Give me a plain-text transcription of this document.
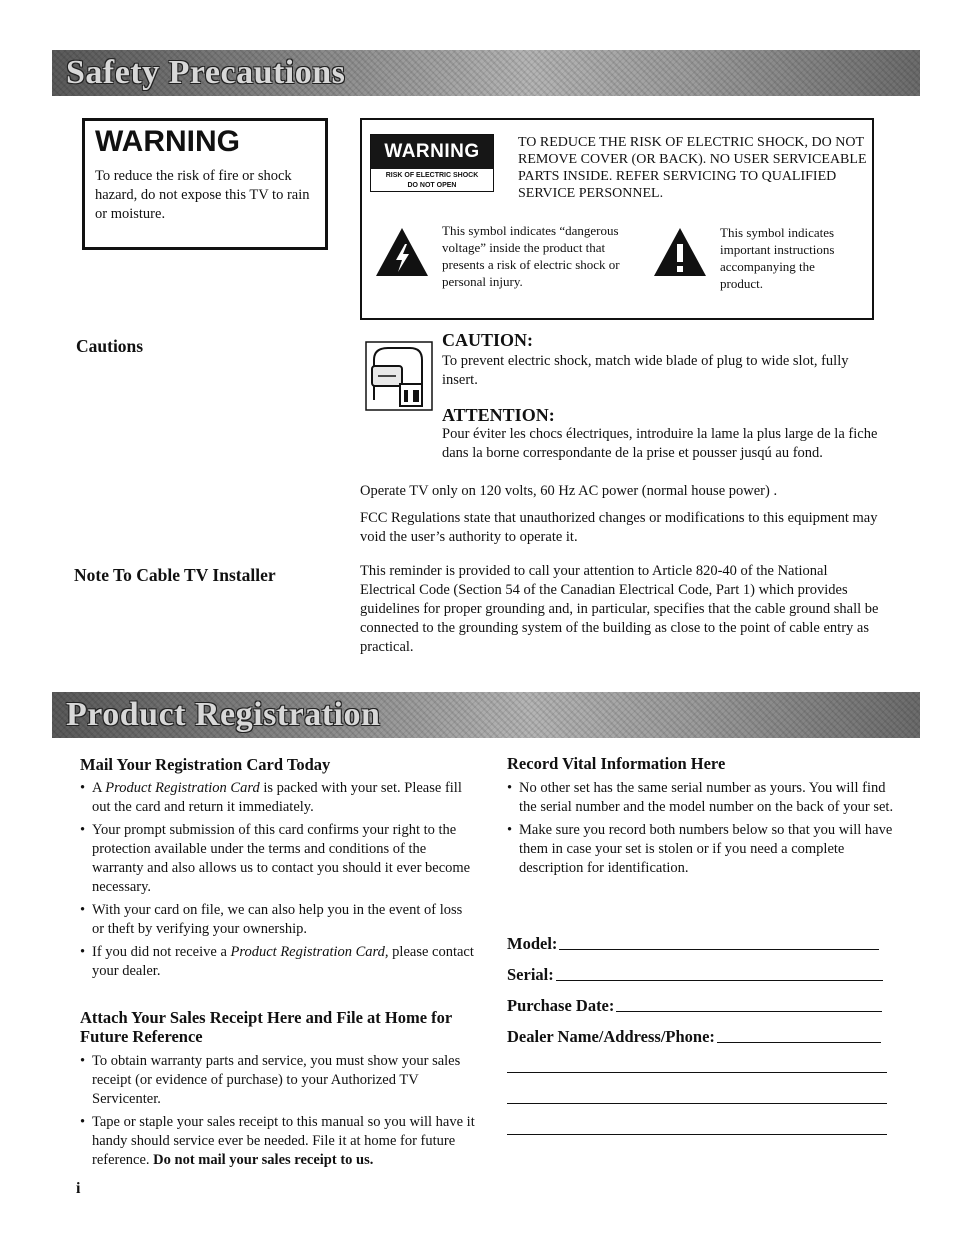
Safety Precautions
WARNING
To reduce the risk of fire or shock hazard, do not expose this TV to rain or moisture.
WARNING
RISK OF ELECTRIC SHOCK
DO NOT OPEN
TO REDUCE THE RISK OF ELECTRIC SHOCK, DO NOT REMOVE COVER (OR BACK). NO USER SERVICEABLE PARTS INSIDE. REFER SERVICING TO QUALIFIED SERVICE PERSONNEL.
This symbol indicates “dangerous voltage” inside the product that presents a risk of electric shock or personal injury.
This symbol indicates important instructions accompanying the product.
Cautions	CAUTION:
To prevent electric shock, match wide blade of plug to wide slot, fully insert.
ATTENTION:
Pour éviter les chocs électriques, introduire la lame la plus large de la fiche dans la borne correspondante de la prise et pousser jusqú au fond.
Operate TV only on 120 volts, 60 Hz AC power (normal house power) .
FCC Regulations state that unauthorized changes or modifications to this equipment may void the user’s authority to operate it.
Note To Cable TV Installer	This reminder is provided to call your attention to Article 820-40 of the National Electrical Code (Section 54 of the Canadian Electrical Code, Part 1) which provides guidelines for proper grounding and, in particular, specifies that the cable ground shall be connected to the grounding system of the building as close to the point of cable entry as practical.
Product Registration
Mail Your Registration Card Today
• A Product Registration Card is packed with your set. Please fill out the card and return it immediately.
• Your prompt submission of this card confirms your right to the protection available under the terms and conditions of the warranty and also allows us to contact you should it ever become necessary.
• With your card on file, we can also help you in the event of loss or theft by verifying your ownership.
• If you did not receive a Product Registration Card, please contact your dealer.
Attach Your Sales Receipt Here and File at Home for Future Reference
• To obtain warranty parts and service, you must show your sales receipt (or evidence of purchase) to your Authorized TV Servicenter.
• Tape or staple your sales receipt to this manual so you will have it handy should service ever be needed. File it at home for future reference. Do not mail your sales receipt to us.
Record Vital Information Here
• No other set has the same serial number as yours. You will find the serial number and the model number on the back of your set.
• Make sure you record both numbers below so that you will have them in case your set is stolen or if you need a complete description for identification.
Model:
Serial:
Purchase Date:
Dealer Name/Address/Phone:
i
